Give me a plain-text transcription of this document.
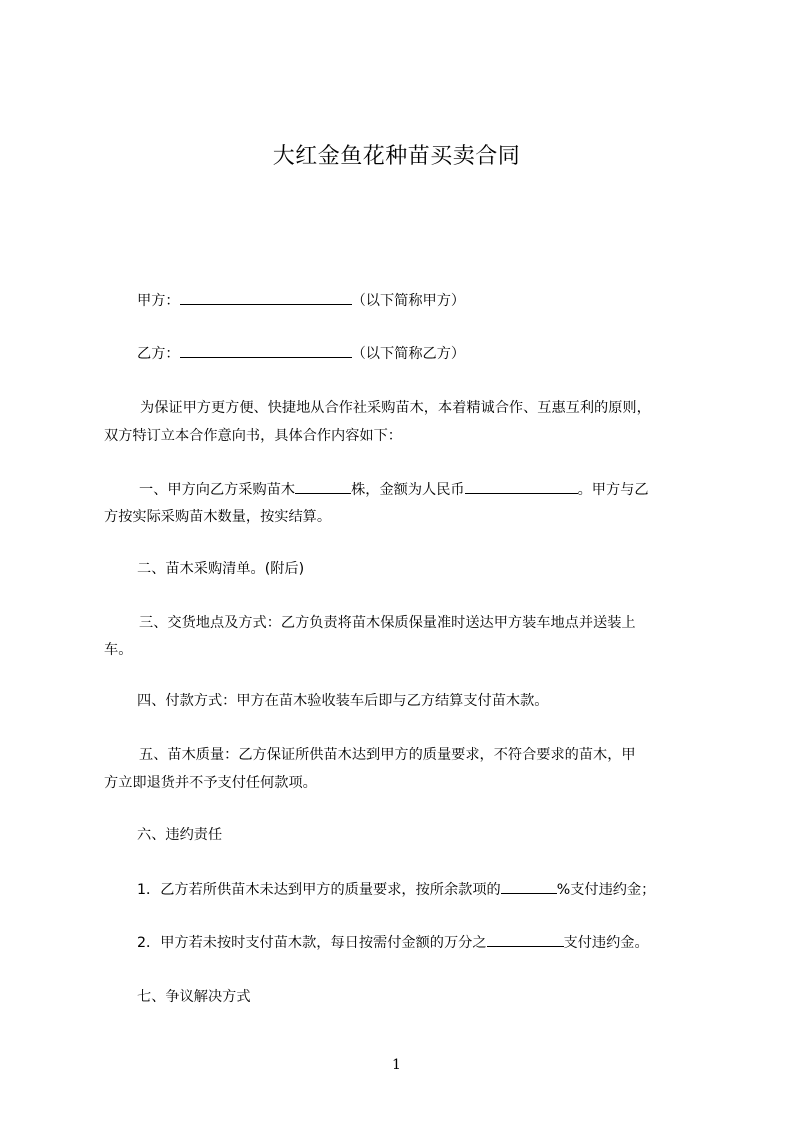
大红金鱼花种苗买卖合同
甲方：	（以下简称甲方）
乙方：	（以下简称乙方）
为保证甲方更方便、快捷地从合作社采购苗木，本着精诚合作、互惠互利的原则，
双方特订立本合作意向书，具体合作内容如下：
一、甲方向乙方采购苗木	株，金额为人民币	。甲方与乙
方按实际采购苗木数量，按实结算。
二、苗木采购清单。(附后)
三、交货地点及方式：乙方负责将苗木保质保量准时送达甲方装车地点并送装上
车。
四、付款方式：甲方在苗木验收装车后即与乙方结算支付苗木款。
五、苗木质量：乙方保证所供苗木达到甲方的质量要求，不符合要求的苗木，甲
方立即退货并不予支付任何款项。
六、违约责任
1．乙方若所供苗木未达到甲方的质量要求，按所余款项的	%支付违约金；
2．甲方若未按时支付苗木款，每日按需付金额的万分之	支付违约金。
七、争议解决方式
1
